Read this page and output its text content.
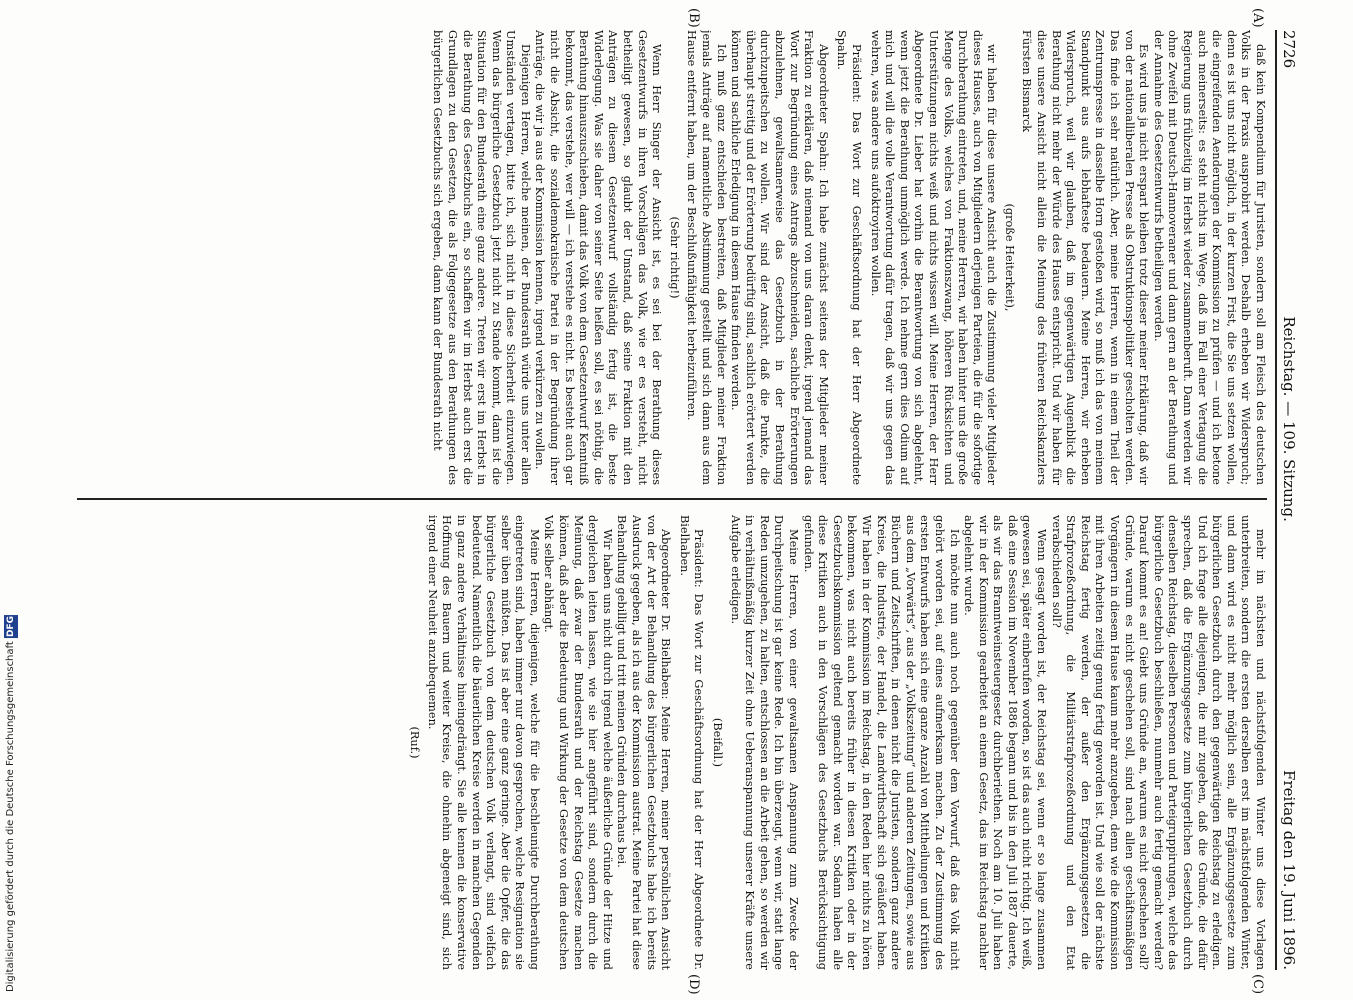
2726
Reichstag. — 109. Sitzung.
Freitag den 19. Juni 1896.

daß kein Kompendium für Juristen, sondern soll am Fleisch des deutschen Volks in der Praxis ausprobirt werden. Deshalb erheben wir Widerspruch; denn es ist uns nicht möglich, in der kurzen Frist, die Sie uns setzen wollen, die eingreifenden Aenderungen der Kommission zu prüfen — und ich betone auch meinerseits: es steht nichts im Wege, daß im Fall einer Vertagung die Regierung uns frühzeitig im Herbst wieder zusammenberuft. Dann werden wir ohne Zweifel mit Deutsch-Hannoveraner und dann gern an der Berathung und der Annahme des Gesetzentwurfs betheiligen werden.

Es wird uns ja nicht erspart bleiben trotz dieser meiner Erklärung, daß wir von der nationalliberalen Presse als Obstruktionspolitiker gescholten werden. Das finde ich sehr natürlich. Aber, meine Herren, wenn in einem Theil der Zentrumspresse in dasselbe Horn gestoßen wird, so muß ich das von meinem Standpunkt aus aufs lebhafteste bedauern. Meine Herren, wir erheben Widerspruch, weil wir glauben, daß im gegenwärtigen Augenblick die Berathung nicht mehr der Würde des Hauses entspricht. Und wir haben für diese unsere Ansicht nicht allein die Meinung des früheren Reichskanzlers Fürsten Bismarck

(große Heiterkeit),

wir haben für diese unsere Ansicht auch die Zustimmung vieler Mitglieder dieses Hauses, auch von Mitgliedern derjenigen Parteien, die für die sofortige Durchberathung eintreten, und, meine Herren, wir haben hinter uns die große Menge des Volks, welches von Fraktionszwang, höheren Rücksichten und Unterstützungen nichts weiß und nichts wissen will. Meine Herren, der Herr Abgeordnete Dr. Lieber hat vorhin die Berantwortung von sich abgelehnt, wenn jetzt die Berathung unmöglich werde. Ich nehme gern dies Odium auf mich und will die volle Verantwortung dafür tragen, daß wir uns gegen das wehren, was andere uns aufoktroyiren wollen.

Präsident: Das Wort zur Geschäftsordnung hat der Herr Abgeordnete Spahn.

Abgeordneter Spahn: Ich habe zunächst seitens der Mitglieder meiner Fraktion zu erklären, daß niemand von uns daran denkt, irgend jemand das Wort zur Begründung eines Antrags abzuschneiden, sachliche Erörterungen abzulehnen, gewaltsamerweise das Gesetzbuch in der Berathung durchzupeitschen zu wollen. Wir sind der Ansicht, daß die Punkte, die überhaupt streitig und der Erörterung bedürftig sind, sachlich erörtert werden können und sachliche Erledigung in diesem Hause finden werden.

Ich muß ganz entschieden bestreiten, daß Mitglieder meiner Fraktion jemals Anträge auf namentliche Abstimmung gestellt und sich dann aus dem Hause entfernt haben, um der Beschlußunfähigkeit herbeizuführen.

(Sehr richtig!)

Wenn Herr Singer der Ansicht ist, es sei bei der Berathung dieses Gesetzentwurfs in ihren Vorschlägen das Volk, wie er es versteht, nicht betheiligt gewesen, so glaubt der Umstand, daß seine Fraktion mit den Anträgen zu diesem Gesetzentwurf vollständig fertig ist, die beste Widerlegung. Was sie daher von seiner Seite heißen soll, es sei nöthig, die Berathung hinauszuschieben, damit das Volk von dem Gesetzentwurf Kenntniß bekommt, das verstehe, wer will — ich verstehe es nicht. Es besteht auch gar nicht die Absicht, die sozialdemokratische Partei in der Begründung ihrer Anträge, die wir ja aus der Kommission kennen, irgend verkürzen zu wollen.

Diejenigen Herren, welche meinen, der Bundesrath würde uns unter allen Umständen vertagen, bitte ich, sich nicht in diese Sicherheit einzuwiegen. Wenn das bürgerliche Gesetzbuch jetzt nicht zu Stande kommt, dann ist die Situation für den Bundesrath eine ganz andere. Treten wir erst im Herbst in die Berathung des Gesetzbuchs ein, so schaffen wir im Herbst auch erst die Grundlagen zu den Gesetzen, die als Folgegesetze aus den Berathungen des bürgerlichen Gesetzbuchs sich ergeben, dann kann der Bundesrath nicht

mehr im nächsten und nächstfolgenden Winter uns diese Vorlagen unterbreiten, sondern die ersten derselben erst im nächstfolgenden Winter, und dann wird es nicht mehr möglich sein, alle Ergänzungsgesetze zum bürgerlichen Gesetzbuch durch den gegenwärtigen Reichstag zu erledigen. Und ich frage alle diejenigen, die mir zugeben, daß die Gründe, die dafür sprechen, daß die Ergänzungsgesetze zum bürgerlichen Gesetzbuch durch denselben Reichstag, dieselben Personen und Parteigruppirungen, welche das bürgerliche Gesetzbuch beschließen, nunmehr auch fertig gemacht werden? Darauf kommt es an! Giebt uns Gründe an, warum es nicht geschehen soll? Gründe, warum es nicht geschehen soll, sind nach allen geschäftsmäßigen Vorgängern in diesem Hause kaum mehr anzugeben, denn wie die Kommission mit ihren Arbeiten zeitig genug fertig geworden ist. Und wie soll der nächste Reichstag fertig werden, der außer den Ergänzungsgesetzen die Strafprozeßordnung, die Militärstrafprozeßordnung und den Etat verabschieden soll?

Wenn gesagt worden ist, der Reichstag sei, wenn er so lange zusammen gewesen sei, später einberufen worden, so ist das auch nicht richtig. Ich weiß, daß eine Session im November 1886 begann und bis in den Juli 1887 dauerte, als wir das Branntweinsteuergesetz durchberiethen. Noch am 10. Juli haben wir in der Kommission gearbeitet an einem Gesetz, das im Reichstag nachher abgelehnt wurde.

Ich möchte nun auch noch gegenüber dem Vorwurf, daß das Volk nicht gehört worden sei, auf eines aufmerksam machen. Zu der Zustimmung des ersten Entwurfs haben sich eine ganze Anzahl von Mittheilungen und Kritiken aus dem „Vorwärts“, aus der „Volkszeitung“ und anderen Zeitungen, sowie aus Büchern und Zeitschriften, in denen nicht die Juristen, sondern ganz andere Kreise, die Industrie, der Handel, die Landwirthschaft sich geäußert haben. Wir haben in der Kommission im Reichstag, in den Reden hier nichts zu hören bekommen, was nicht auch bereits früher in diesen Kritiken oder in der Gesetzbuchskommission geltend gemacht worden war. Sodann haben alle diese Kritiken auch in den Vorschlägen des Gesetzbuchs Berücksichtigung gefunden.

Meine Herren, von einer gewaltsamen Anspannung zum Zwecke der Durchpeitschung ist gar keine Rede. Ich bin überzeugt, wenn wir, statt lange Reden umzugehen, zu halten, entschlossen an die Arbeit gehen, so werden wir in verhältnißmäßig kurzer Zeit ohne Ueberanspannung unserer Kräfte unsere Aufgabe erledigen.

(Beifall.)

Präsident: Das Wort zur Geschäftsordnung hat der Herr Abgeordnete Dr. Bielhaben.

Abgeordneter Dr. Bielhaben: Meine Herren, meiner persönlichen Ansicht von der Art der Behandlung des bürgerlichen Gesetzbuchs habe ich bereits Ausdruck gegeben, als ich aus der Kommission austrat. Meine Partei hat diese Behandlung gebilligt und tritt meinen Gründen durchaus bei.

Wir haben uns nicht durch irgend welche äußerliche Gründe der Hitze und dergleichen leiten lassen, wie sie hier angeführt sind, sondern durch die Meinung, daß zwar der Bundesrath und der Reichstag Gesetze machen können, daß aber die Bedeutung und Wirkung der Gesetze von dem deutschen Volk selber abhängt.

Meine Herren, diejenigen, welche für die beschleunigte Durchberathung eingetreten sind, haben immer nur davon gesprochen, welche Resignation sie selber üben müßten. Das ist aber eine ganz geringe. Aber die Opfer, die das bürgerliche Gesetzbuch von dem deutschen Volk verlangt, sind vielfach bedeutend. Namentlich die bäuerlichen Kreise werden in manchen Gegenden in ganz andere Verhältnisse hineingedrängt. Sie alle kennen die konservative Hoffnung des Bauern und weiter Kreise, die ohnehin abgeneigt sind, sich irgend einer Neuheit anzubequemen.

(Ruf.)

(A)
(B)
(C)
(D)
Digitalisierung gefördert durch die Deutsche Forschungsgemeinschaft DFG
